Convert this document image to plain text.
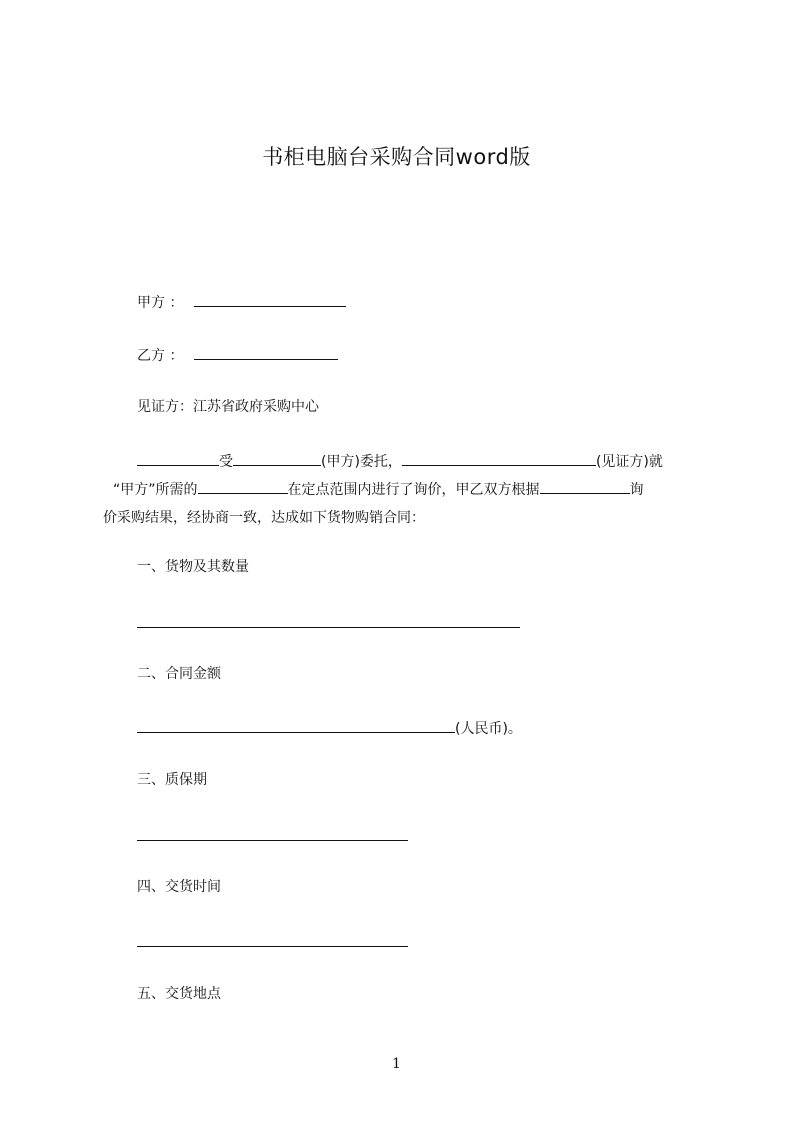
书柜电脑台采购合同word版
甲方 ：
乙方 ：
见证方：江苏省政府采购中心
受	(甲方)委托，	(见证方)就
“甲方”所需的	在定点范围内进行了询价，甲乙双方根据	询
价采购结果，经协商一致，达成如下货物购销合同：
一、货物及其数量
二、合同金额
(人民币)。
三、质保期
四、交货时间
五、交货地点
1
